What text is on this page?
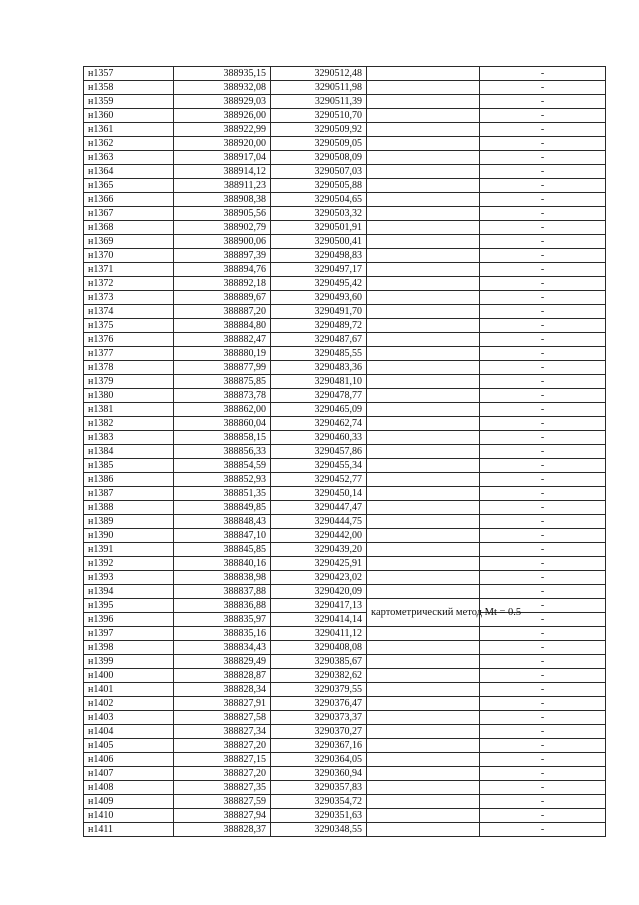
н1357	388935,15	3290512,48		-
н1358	388932,08	3290511,98		-
н1359	388929,03	3290511,39		-
н1360	388926,00	3290510,70		-
н1361	388922,99	3290509,92		-
н1362	388920,00	3290509,05		-
н1363	388917,04	3290508,09		-
н1364	388914,12	3290507,03		-
н1365	388911,23	3290505,88		-
н1366	388908,38	3290504,65		-
н1367	388905,56	3290503,32		-
н1368	388902,79	3290501,91		-
н1369	388900,06	3290500,41		-
н1370	388897,39	3290498,83		-
н1371	388894,76	3290497,17		-
н1372	388892,18	3290495,42		-
н1373	388889,67	3290493,60		-
н1374	388887,20	3290491,70		-
н1375	388884,80	3290489,72		-
н1376	388882,47	3290487,67		-
н1377	388880,19	3290485,55		-
н1378	388877,99	3290483,36		-
н1379	388875,85	3290481,10		-
н1380	388873,78	3290478,77		-
н1381	388862,00	3290465,09		-
н1382	388860,04	3290462,74		-
н1383	388858,15	3290460,33		-
н1384	388856,33	3290457,86		-
н1385	388854,59	3290455,34		-
н1386	388852,93	3290452,77		-
н1387	388851,35	3290450,14		-
н1388	388849,85	3290447,47		-
н1389	388848,43	3290444,75		-
н1390	388847,10	3290442,00		-
н1391	388845,85	3290439,20		-
н1392	388840,16	3290425,91		-
н1393	388838,98	3290423,02		-
н1394	388837,88	3290420,09		-
н1395	388836,88	3290417,13	картометрический метод Mt = 0.5	-
н1396	388835,97	3290414,14		-
н1397	388835,16	3290411,12		-
н1398	388834,43	3290408,08		-
н1399	388829,49	3290385,67		-
н1400	388828,87	3290382,62		-
н1401	388828,34	3290379,55		-
н1402	388827,91	3290376,47		-
н1403	388827,58	3290373,37		-
н1404	388827,34	3290370,27		-
н1405	388827,20	3290367,16		-
н1406	388827,15	3290364,05		-
н1407	388827,20	3290360,94		-
н1408	388827,35	3290357,83		-
н1409	388827,59	3290354,72		-
н1410	388827,94	3290351,63		-
н1411	388828,37	3290348,55		-
